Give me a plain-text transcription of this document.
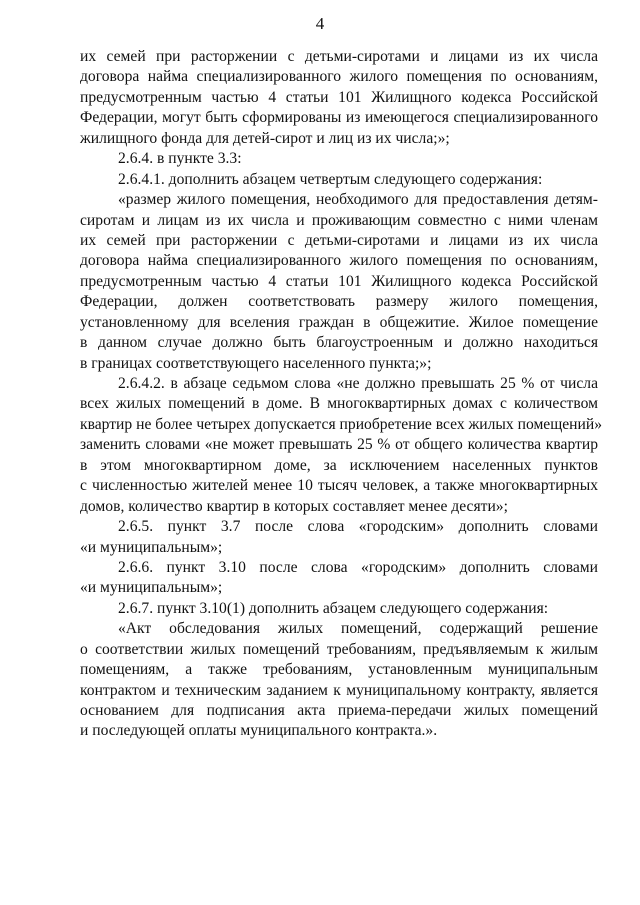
4
их семей при расторжении с детьми-сиротами и лицами из их числа
договора найма специализированного жилого помещения по основаниям,
предусмотренным частью 4 статьи 101 Жилищного кодекса Российской
Федерации, могут быть сформированы из имеющегося специализированного
жилищного фонда для детей-сирот и лиц из их числа;»;
2.6.4. в пункте 3.3:
2.6.4.1. дополнить абзацем четвертым следующего содержания:
«размер жилого помещения, необходимого для предоставления детям-
сиротам и лицам из их числа и проживающим совместно с ними членам
их семей при расторжении с детьми-сиротами и лицами из их числа
договора найма специализированного жилого помещения по основаниям,
предусмотренным частью 4 статьи 101 Жилищного кодекса Российской
Федерации, должен соответствовать размеру жилого помещения,
установленному для вселения граждан в общежитие. Жилое помещение
в данном случае должно быть благоустроенным и должно находиться
в границах соответствующего населенного пункта;»;
2.6.4.2. в абзаце седьмом слова «не должно превышать 25 % от числа
всех жилых помещений в доме. В многоквартирных домах с количеством
квартир не более четырех допускается приобретение всех жилых помещений»
заменить словами «не может превышать 25 % от общего количества квартир
в этом многоквартирном доме, за исключением населенных пунктов
с численностью жителей менее 10 тысяч человек, а также многоквартирных
домов, количество квартир в которых составляет менее десяти»;
2.6.5. пункт 3.7 после слова «городским» дополнить словами
«и муниципальным»;
2.6.6. пункт 3.10 после слова «городским» дополнить словами
«и муниципальным»;
2.6.7. пункт 3.10(1) дополнить абзацем следующего содержания:
«Акт обследования жилых помещений, содержащий решение
о соответствии жилых помещений требованиям, предъявляемым к жилым
помещениям, а также требованиям, установленным муниципальным
контрактом и техническим заданием к муниципальному контракту, является
основанием для подписания акта приема-передачи жилых помещений
и последующей оплаты муниципального контракта.».
